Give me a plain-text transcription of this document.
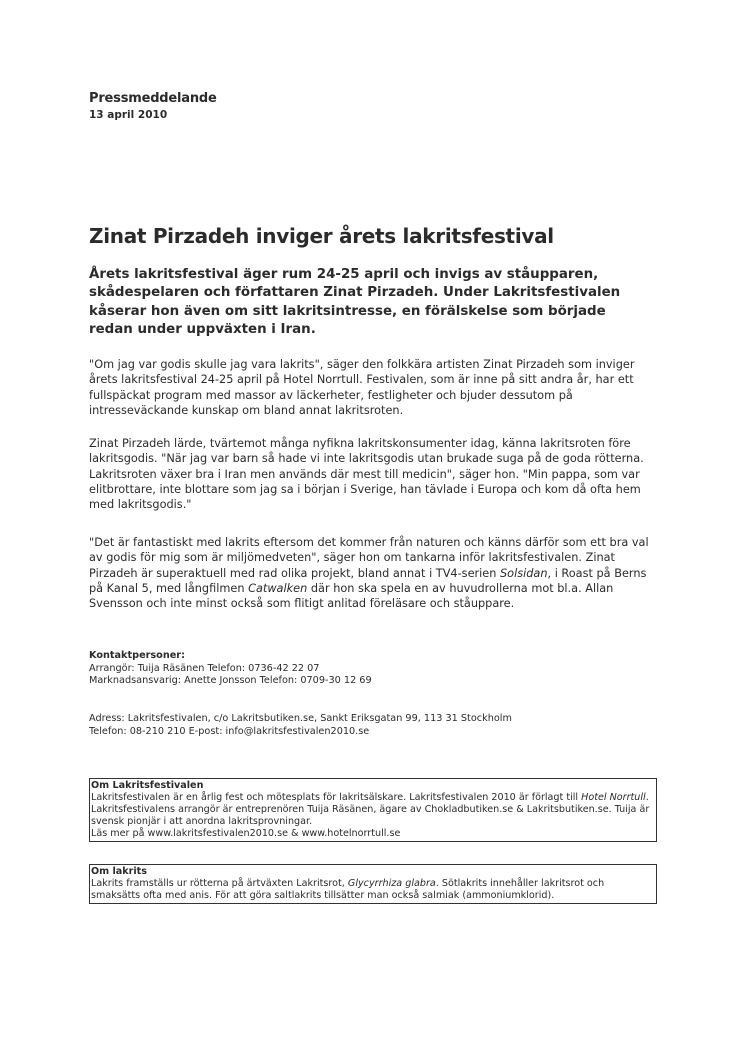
Pressmeddelande
13 april 2010
Zinat Pirzadeh inviger årets lakritsfestival
Årets lakritsfestival äger rum 24-25 april och invigs av ståupparen, skådespelaren och författaren Zinat Pirzadeh. Under Lakritsfestivalen kåserar hon även om sitt lakritsintresse, en förälskelse som började redan under uppväxten i Iran.
"Om jag var godis skulle jag vara lakrits", säger den folkkära artisten Zinat Pirzadeh som inviger årets lakritsfestival 24-25 april på Hotel Norrtull. Festivalen, som är inne på sitt andra år, har ett fullspäckat program med massor av läckerheter, festligheter och bjuder dessutom på intresseväckande kunskap om bland annat lakritsroten.
Zinat Pirzadeh lärde, tvärtemot många nyfikna lakritskonsumenter idag, känna lakritsroten före lakritsgodis. "När jag var barn så hade vi inte lakritsgodis utan brukade suga på de goda rötterna. Lakritsroten växer bra i Iran men används där mest till medicin", säger hon. "Min pappa, som var elitbrottare, inte blottare som jag sa i början i Sverige, han tävlade i Europa och kom då ofta hem med lakritsgodis."
"Det är fantastiskt med lakrits eftersom det kommer från naturen och känns därför som ett bra val av godis för mig som är miljömedveten", säger hon om tankarna inför lakritsfestivalen. Zinat Pirzadeh är superaktuell med rad olika projekt, bland annat i TV4-serien Solsidan, i Roast på Berns på Kanal 5, med långfilmen Catwalken där hon ska spela en av huvudrollerna mot bl.a. Allan Svensson och inte minst också som flitigt anlitad föreläsare och ståuppare.
Kontaktpersoner:
Arrangör: Tuija Räsänen Telefon: 0736-42 22 07
Marknadsansvarig: Anette Jonsson Telefon: 0709-30 12 69
Adress: Lakritsfestivalen, c/o Lakritsbutiken.se, Sankt Eriksgatan 99, 113 31 Stockholm
Telefon: 08-210 210 E-post: info@lakritsfestivalen2010.se
Om Lakritsfestivalen
Lakritsfestivalen är en årlig fest och mötesplats för lakritsälskare. Lakritsfestivalen 2010 är förlagt till Hotel Norrtull. Lakritsfestivalens arrangör är entreprenören Tuija Räsänen, ägare av Chokladbutiken.se & Lakritsbutiken.se. Tuija är svensk pionjär i att anordna lakritsprovningar.
Läs mer på www.lakritsfestivalen2010.se & www.hotelnorrtull.se
Om lakrits
Lakrits framställs ur rötterna på ärtväxten Lakritsrot, Glycyrrhiza glabra. Sötlakrits innehåller lakritsrot och smaksätts ofta med anis. För att göra saltlakrits tillsätter man också salmiak (ammoniumklorid).
